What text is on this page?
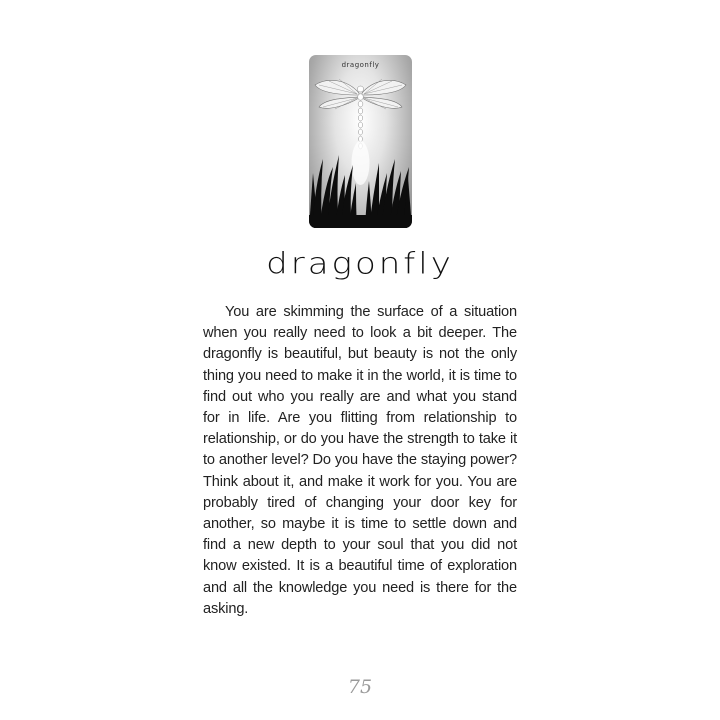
dragonfly
dragonfly
You are skimming the surface of a situation when you really need to look a bit deeper. The dragonfly is beautiful, but beauty is not the only thing you need to make it in the world, it is time to find out who you really are and what you stand for in life. Are you flitting from relationship to relationship, or do you have the strength to take it to another level? Do you have the staying power? Think about it, and make it work for you. You are probably tired of changing your door key for another, so maybe it is time to settle down and find a new depth to your soul that you did not know existed. It is a beautiful time of exploration and all the knowledge you need is there for the asking.
75
